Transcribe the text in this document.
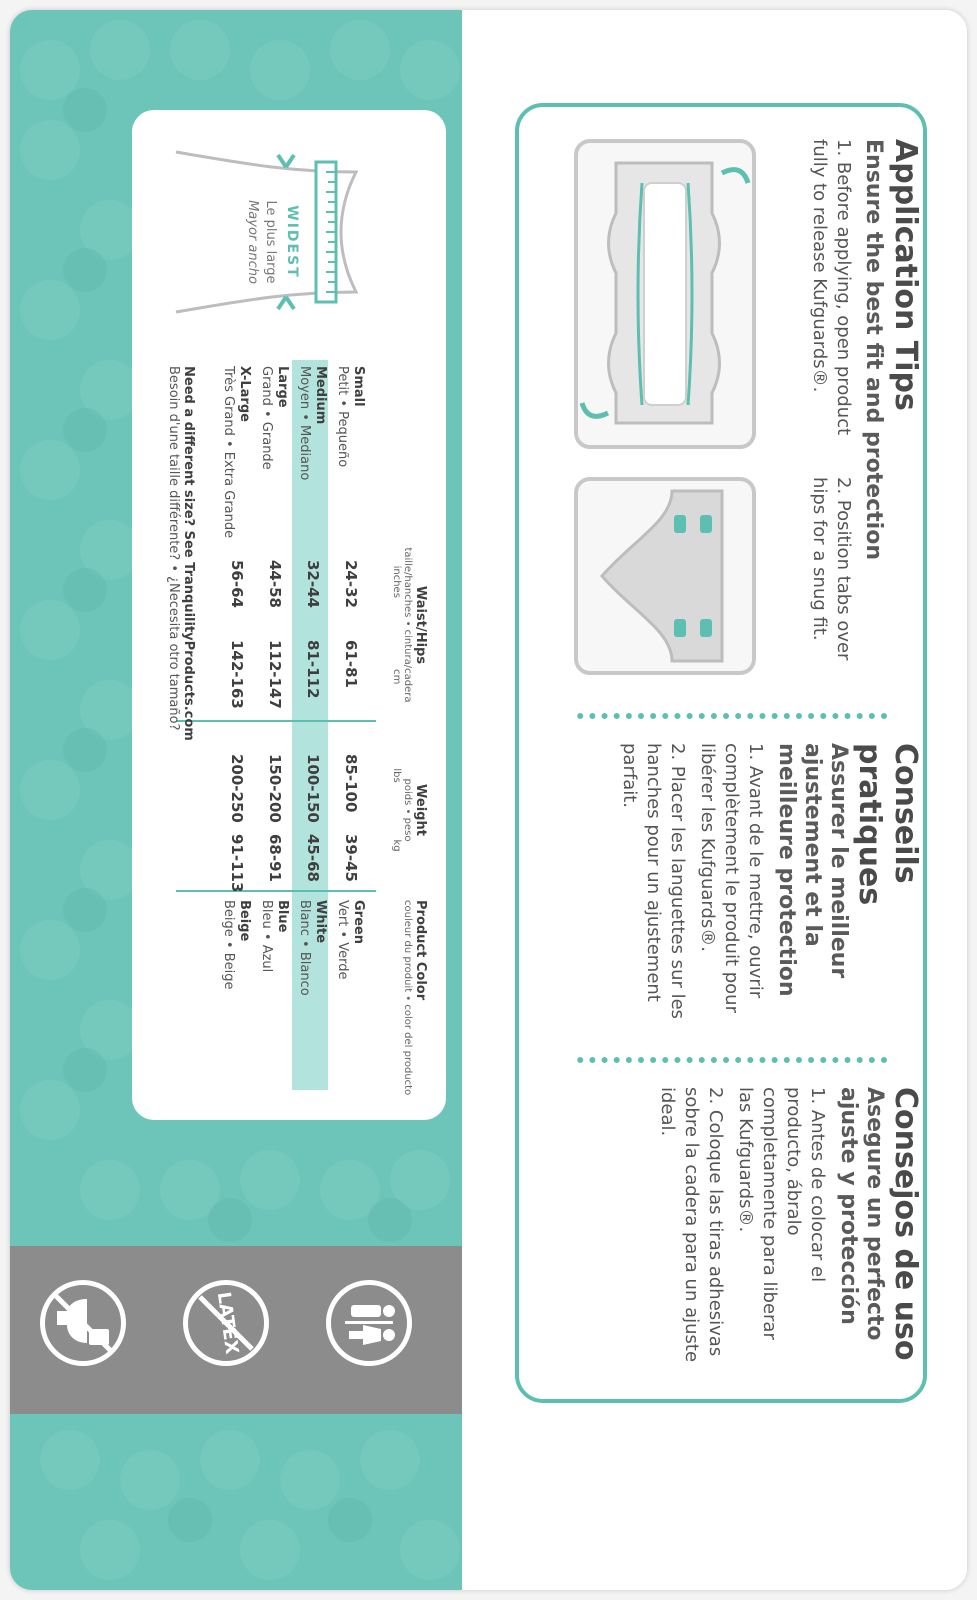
LATEX
Application Tips
Ensure the best fit and protection
1. Before applying, open product fully to release Kufguards®.
2. Position tabs over hips for a snug fit.
Conseils pratiques
Assurer le meilleur ajustement et la meilleure protection
1. Avant de le mettre, ouvrir complètement le produit pour libérer les Kufguards®.
2. Placer les languettes sur les hanches pour un ajustement parfait.
Consejos de uso
Asegure un perfecto ajuste y protección
1. Antes de colocar el producto, ábralo completamente para liberar las Kufguards®.
2. Coloque las tiras adhesivas sobre la cadera para un ajuste ideal.
WIDEST
Le plus large
Mayor ancho
Waist/Hips
taille/hanches • cintura/cadera
inches
cm
Weight
poids • peso
lbs
kg
Product Color
couleur du produit • color del producto
Small
Petit • Pequeño
24-32
61-81
85-100
39-45
Green
Vert • Verde
Medium
Moyen • Mediano
32-44
81-112
100-150
45-68
White
Blanc • Blanco
Large
Grand • Grande
44-58
112-147
150-200
68-91
Blue
Bleu • Azul
X-Large
Très Grand • Extra Grande
56-64
142-163
200-250
91-113
Beige
Beige • Beige
Need a different size? See TranquilityProducts.com
Besoin d'une taille différente? • ¿Necesita otro tamaño?
